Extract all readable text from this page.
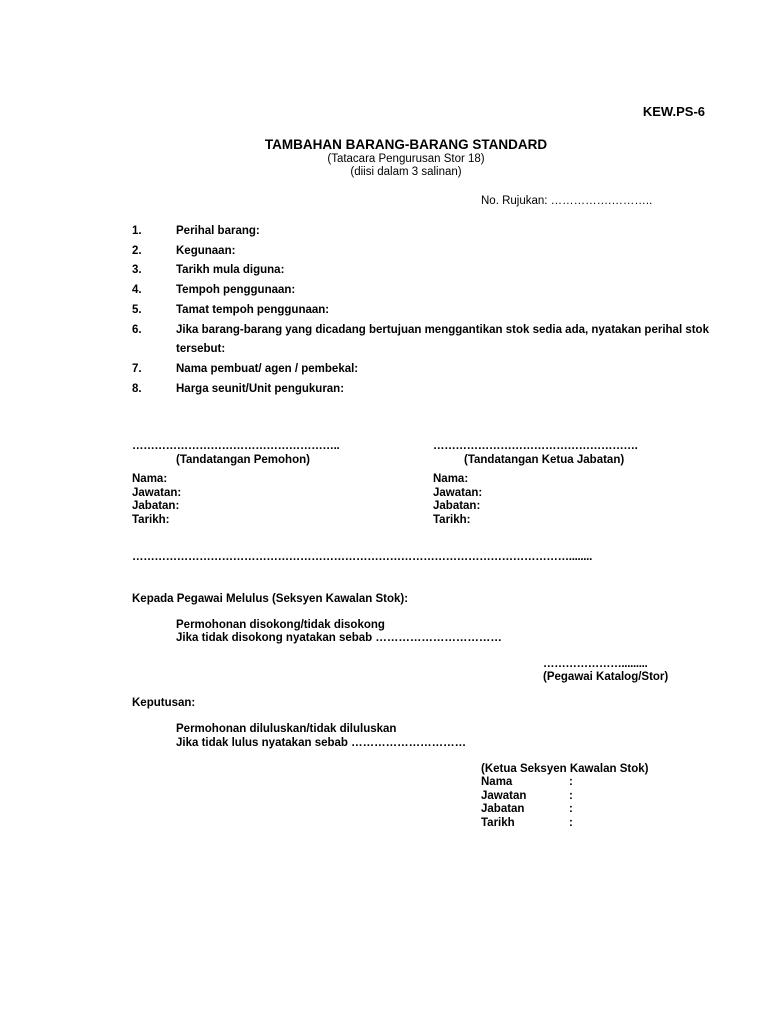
KEW.PS-6
TAMBAHAN BARANG-BARANG STANDARD
(Tatacara Pengurusan Stor 18)
(diisi dalam 3 salinan)
No. Rujukan: …………….………..
1.	Perihal barang:
2.	Kegunaan:
3.	Tarikh mula diguna:
4.	Tempoh penggunaan:
5.	Tamat tempoh penggunaan:
6.	Jika barang-barang yang dicadang bertujuan menggantikan stok sedia ada, nyatakan perihal stok tersebut:
7.	Nama pembuat/ agen / pembekal:
8.	Harga seunit/Unit pengukuran:
………………………………………………..
(Tandatangan Pemohon)
Nama:
Jawatan:
Jabatan:
Tarikh:
……………………………………………….
(Tandatangan Ketua Jabatan)
Nama:
Jawatan:
Jabatan:
Tarikh:
………………………………………………………………………………………………………........
Kepada Pegawai Melulus (Seksyen Kawalan Stok):
Permohonan disokong/tidak disokong
Jika tidak disokong nyatakan sebab ……………………………
………………….........
(Pegawai Katalog/Stor)
Keputusan:
Permohonan diluluskan/tidak diluluskan
Jika tidak lulus nyatakan sebab …………………………
(Ketua Seksyen Kawalan Stok)
Nama	:
Jawatan	:
Jabatan	:
Tarikh	:
